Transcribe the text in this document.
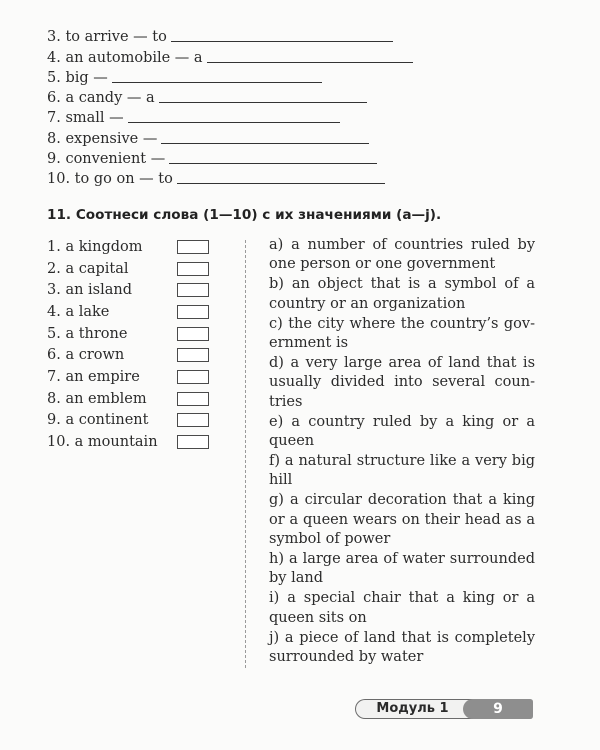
3. to arrive — to
4. an automobile — a
5. big —
6. a candy — a
7. small —
8. expensive —
9. convenient —
10. to go on — to
11. Соотнеси слова (1—10) с их значениями (a—j).
1. a kingdom
2. a capital
3. an island
4. a lake
5. a throne
6. a crown
7. an empire
8. an emblem
9. a continent
10. a mountain
a) a number of countries ruled by one person or one government
b) an object that is a symbol of a country or an organization
c) the city where the country’s government is
d) a very large area of land that is usually divided into several countries
e) a country ruled by a king or a queen
f) a natural structure like a very big hill
g) a circular decoration that a king or a queen wears on their head as a symbol of power
h) a large area of water surrounded by land
i) a special chair that a king or a queen sits on
j) a piece of land that is completely surrounded by water
Модуль 1	9
